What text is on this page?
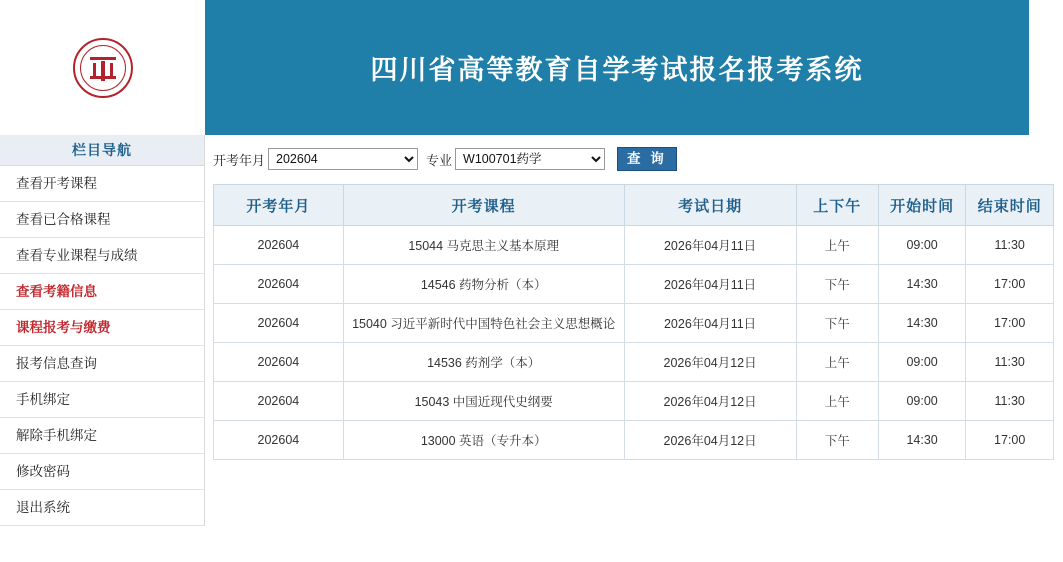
四川省高等教育自学考试报名报考系统
栏目导航
查看开考课程
查看已合格课程
查看专业课程与成绩
查看考籍信息
课程报考与缴费
报考信息查询
手机绑定
解除手机绑定
修改密码
退出系统
开考年月
202604	专业
W100701药学	查 询
开考年月	开考课程	考试日期	上下午	开始时间	结束时间
202604	15044 马克思主义基本原理	2026年04月11日	上午	09:00	11:30
202604	14546 药物分析（本）	2026年04月11日	下午	14:30	17:00
202604	15040 习近平新时代中国特色社会主义思想概论	2026年04月11日	下午	14:30	17:00
202604	14536 药剂学（本）	2026年04月12日	上午	09:00	11:30
202604	15043 中国近现代史纲要	2026年04月12日	上午	09:00	11:30
202604	13000 英语（专升本）	2026年04月12日	下午	14:30	17:00
